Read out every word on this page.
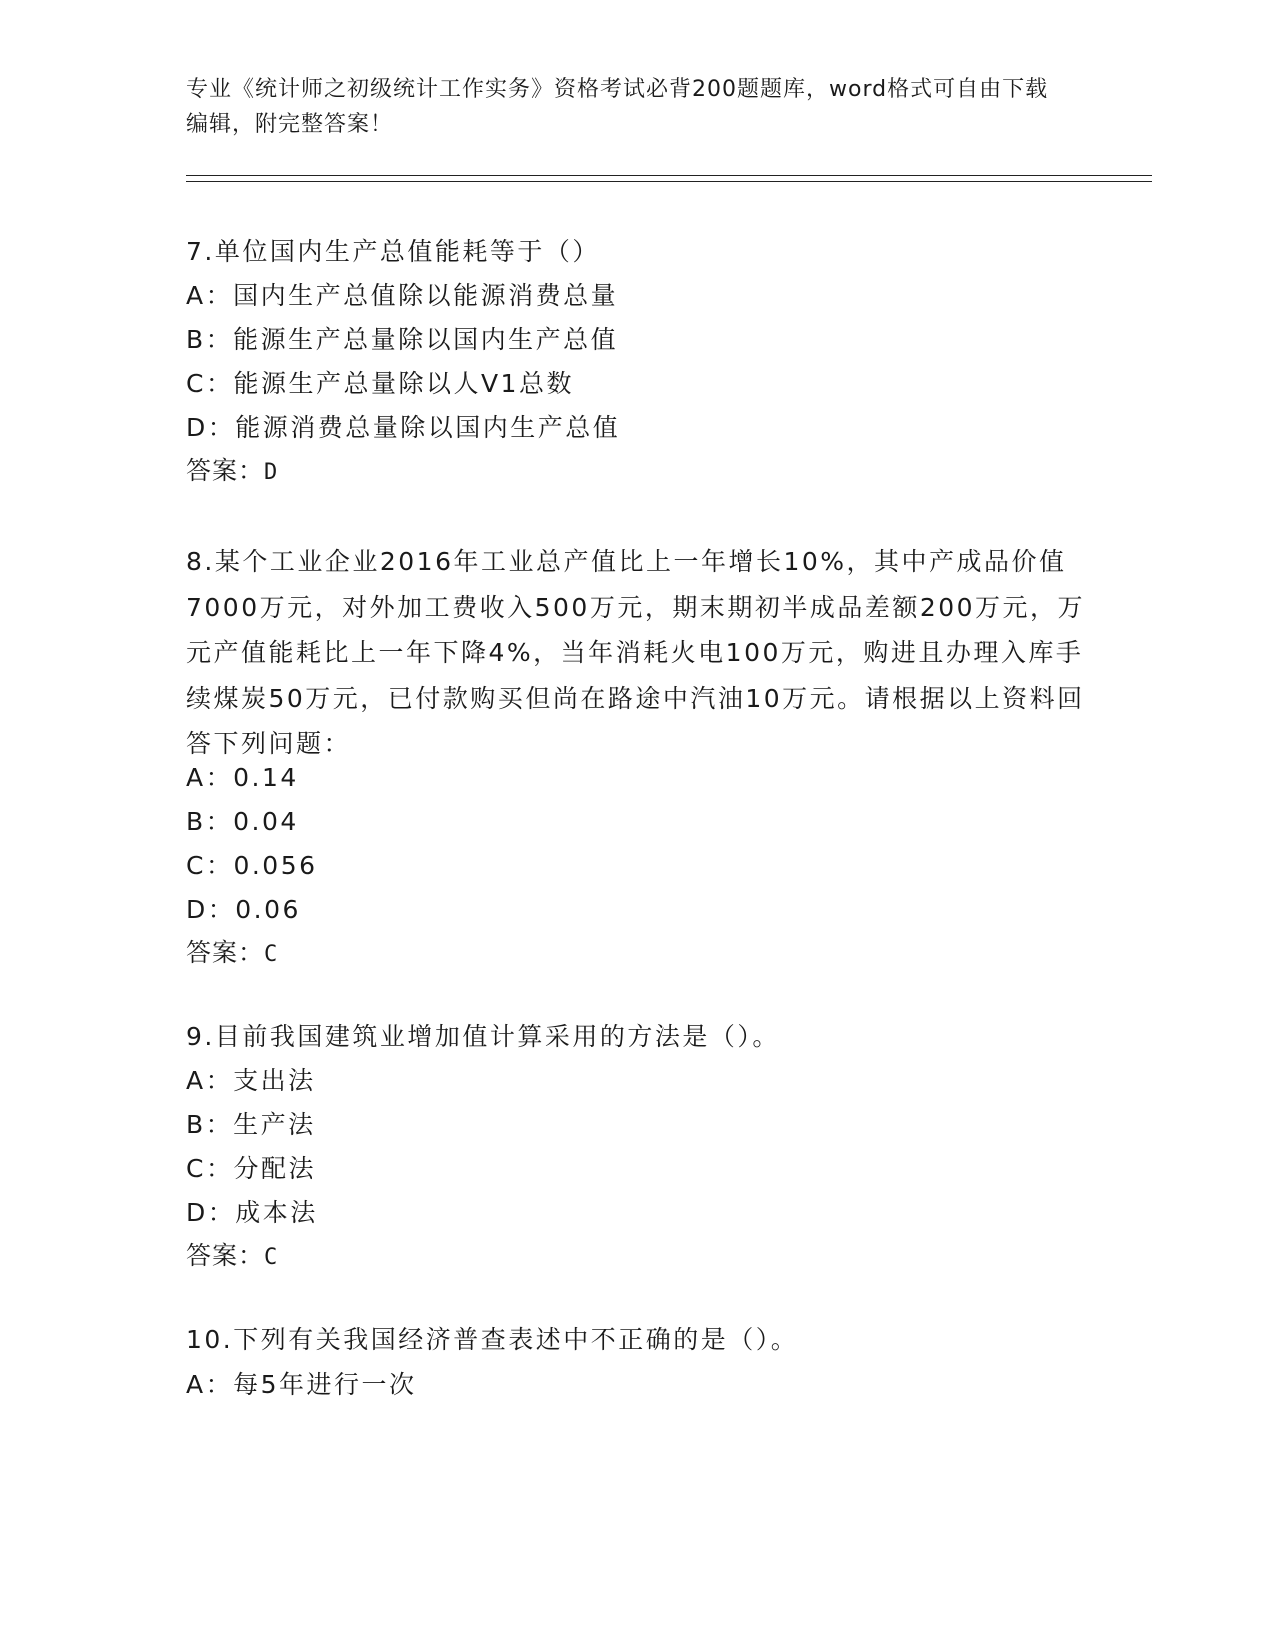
专业《统计师之初级统计工作实务》资格考试必背200题题库，word格式可自由下载编辑，附完整答案！
7.单位国内生产总值能耗等于（）
A：国内生产总值除以能源消费总量
B：能源生产总量除以国内生产总值
C：能源生产总量除以人V1总数
D：能源消费总量除以国内生产总值
答案：D
8.某个工业企业2016年工业总产值比上一年增长10%，其中产成品价值7000万元，对外加工费收入500万元，期末期初半成品差额200万元，万元产值能耗比上一年下降4%，当年消耗火电100万元，购进且办理入库手续煤炭50万元，已付款购买但尚在路途中汽油10万元。请根据以上资料回答下列问题：
A：0.14
B：0.04
C：0.056
D：0.06
答案：C
9.目前我国建筑业增加值计算采用的方法是（）。
A：支出法
B：生产法
C：分配法
D：成本法
答案：C
10.下列有关我国经济普查表述中不正确的是（）。
A：每5年进行一次
